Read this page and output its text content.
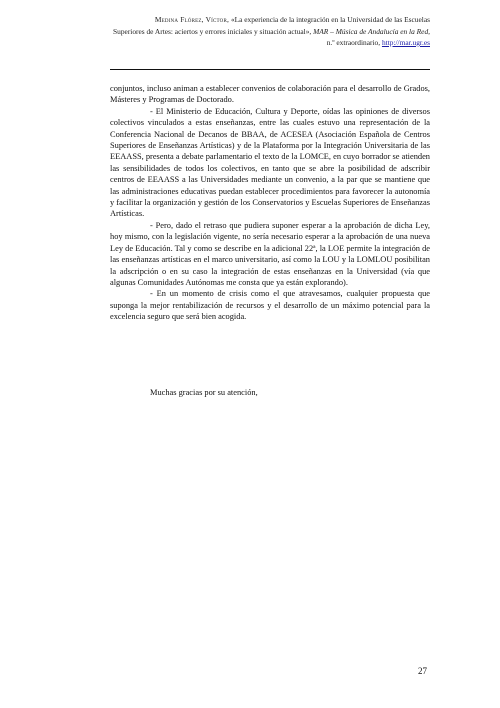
Medina Flórez, Víctor, «La experiencia de la integración en la Universidad de las Escuelas
Superiores de Artes: aciertos y errores iniciales y situación actual», MAR – Música de Andalucía en la Red,
n.º extraordinario, http://mar.ugr.es

conjuntos, incluso animan a establecer convenios de colaboración para el desarrollo de Grados, Másteres y Programas de Doctorado.

- El Ministerio de Educación, Cultura y Deporte, oídas las opiniones de diversos colectivos vinculados a estas enseñanzas, entre las cuales estuvo una representación de la Conferencia Nacional de Decanos de BBAA, de ACESEA (Asociación Española de Centros Superiores de Enseñanzas Artísticas) y de la Plataforma por la Integración Universitaria de las EEAASS, presenta a debate parlamentario el texto de la LOMCE, en cuyo borrador se atienden las sensibilidades de todos los colectivos, en tanto que se abre la posibilidad de adscribir centros de EEAASS a las Universidades mediante un convenio, a la par que se mantiene que las administraciones educativas puedan establecer procedimientos para favorecer la autonomía y facilitar la organización y gestión de los Conservatorios y Escuelas Superiores de Enseñanzas Artísticas.

- Pero, dado el retraso que pudiera suponer esperar a la aprobación de dicha Ley, hoy mismo, con la legislación vigente, no sería necesario esperar a la aprobación de una nueva Ley de Educación. Tal y como se describe en la adicional 22ª, la LOE permite la integración de las enseñanzas artísticas en el marco universitario, así como la LOU y la LOMLOU posibilitan la adscripción o en su caso la integración de estas enseñanzas en la Universidad (vía que algunas Comunidades Autónomas me consta que ya están explorando).

- En un momento de crisis como el que atravesamos, cualquier propuesta que suponga la mejor rentabilización de recursos y el desarrollo de un máximo potencial para la excelencia seguro que será bien acogida.

Muchas gracias por su atención,
27
